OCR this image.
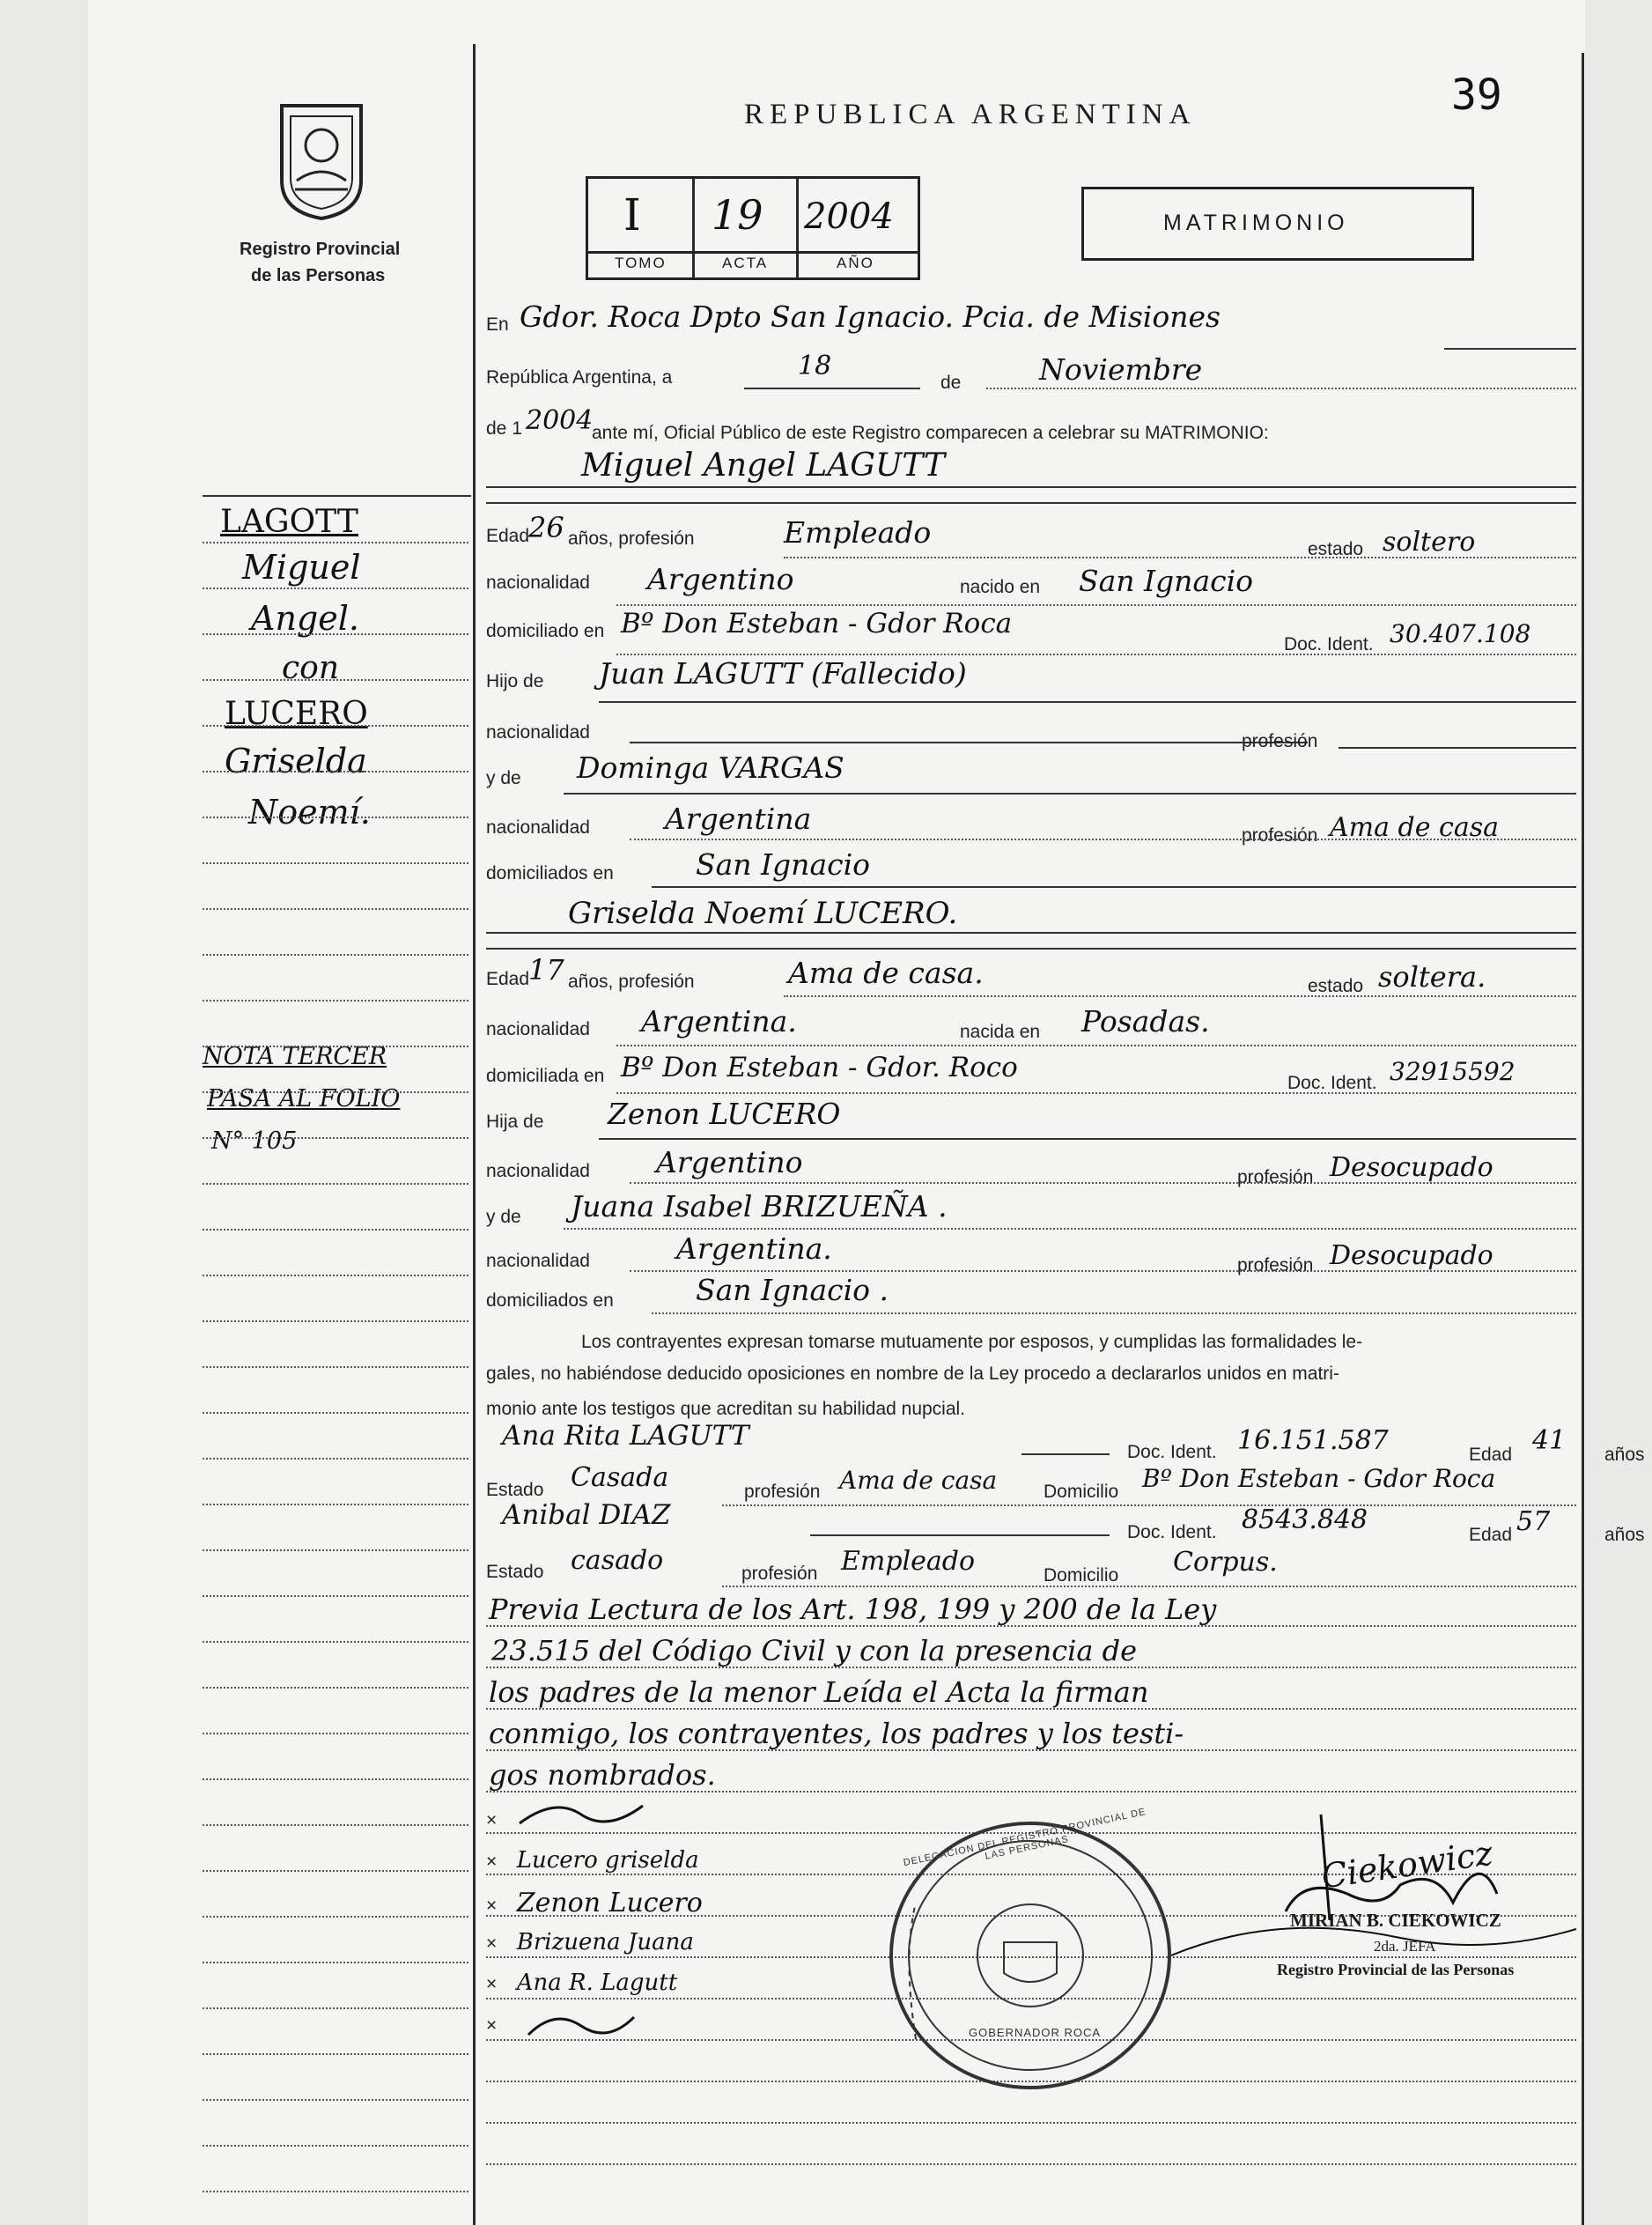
Registro Provincial
de las Personas
REPUBLICA ARGENTINA	39
I 19 2004
TOMO	ACTA	AÑO
MATRIMONIO
LAGOTT
Miguel
Angel.
con
LUCERO
Griselda
Noemí.
NOTA TERCER
PASA AL FOLIO
N° 105
En Gdor. Roca Dpto San Ignacio. Pcia. de Misiones
República Argentina, a	18
de	Noviembre
de 1 2004
ante mí, Oficial Público de este Registro comparecen a celebrar su MATRIMONIO:
Miguel Angel LAGUTT
Edad
26 años, profesión	Empleado	estado soltero
nacionalidad Argentino	nacido en San Ignacio
domiciliado en Bº Don Esteban - Gdor Roca
Doc. Ident. 30.407.108
Hijo de Juan LAGUTT (Fallecido)
nacionalidad	profesión
y de Dominga VARGAS
nacionalidad	Argentina	profesión Ama de casa
domiciliados en	San Ignacio
Griselda Noemí LUCERO.
Edad
17 años, profesión	Ama de casa.	estado soltera.
nacionalidad Argentina.	nacida en Posadas.
domiciliada en Bº Don Esteban - Gdor. Roco	Doc. Ident. 32915592
Hija de Zenon LUCERO
nacionalidad Argentino	profesión Desocupado
y de Juana Isabel BRIZUEÑA .
nacionalidad	Argentina.	profesión Desocupado
domiciliados en	San Ignacio .
Los contrayentes expresan tomarse mutuamente por esposos, y cumplidas las formalidades le-
gales, no habiéndose deducido oposiciones en nombre de la Ley procedo a declararlos unidos en matri-
monio ante los testigos que acreditan su habilidad nupcial.
Ana Rita LAGUTT
Doc. Ident. 16.151.587	Edad 41 años
Estado Casada	profesión Ama de casa	Domicilio Bº Don Esteban - Gdor Roca
Anibal DIAZ
Doc. Ident. 8543.848	Edad 57	años
Estado casado	profesión Empleado	Domicilio Corpus.
Previa Lectura de los Art. 198, 199 y 200 de la Ley
23.515 del Código Civil y con la presencia de
los padres de la menor Leída el Acta la firman
conmigo, los contrayentes, los padres y los testi-
gos nombrados.
×
× Lucero griselda
× Zenon Lucero
× Brizuena Juana
× Ana R. Lagutt
×
DELEGACION DEL REGISTRO PROVINCIAL DE LAS PERSONAS
GOBERNADOR ROCA
Ciekowicz
MIRIAN B. CIEKOWICZ
2da. JEFA
Registro Provincial de las Personas
